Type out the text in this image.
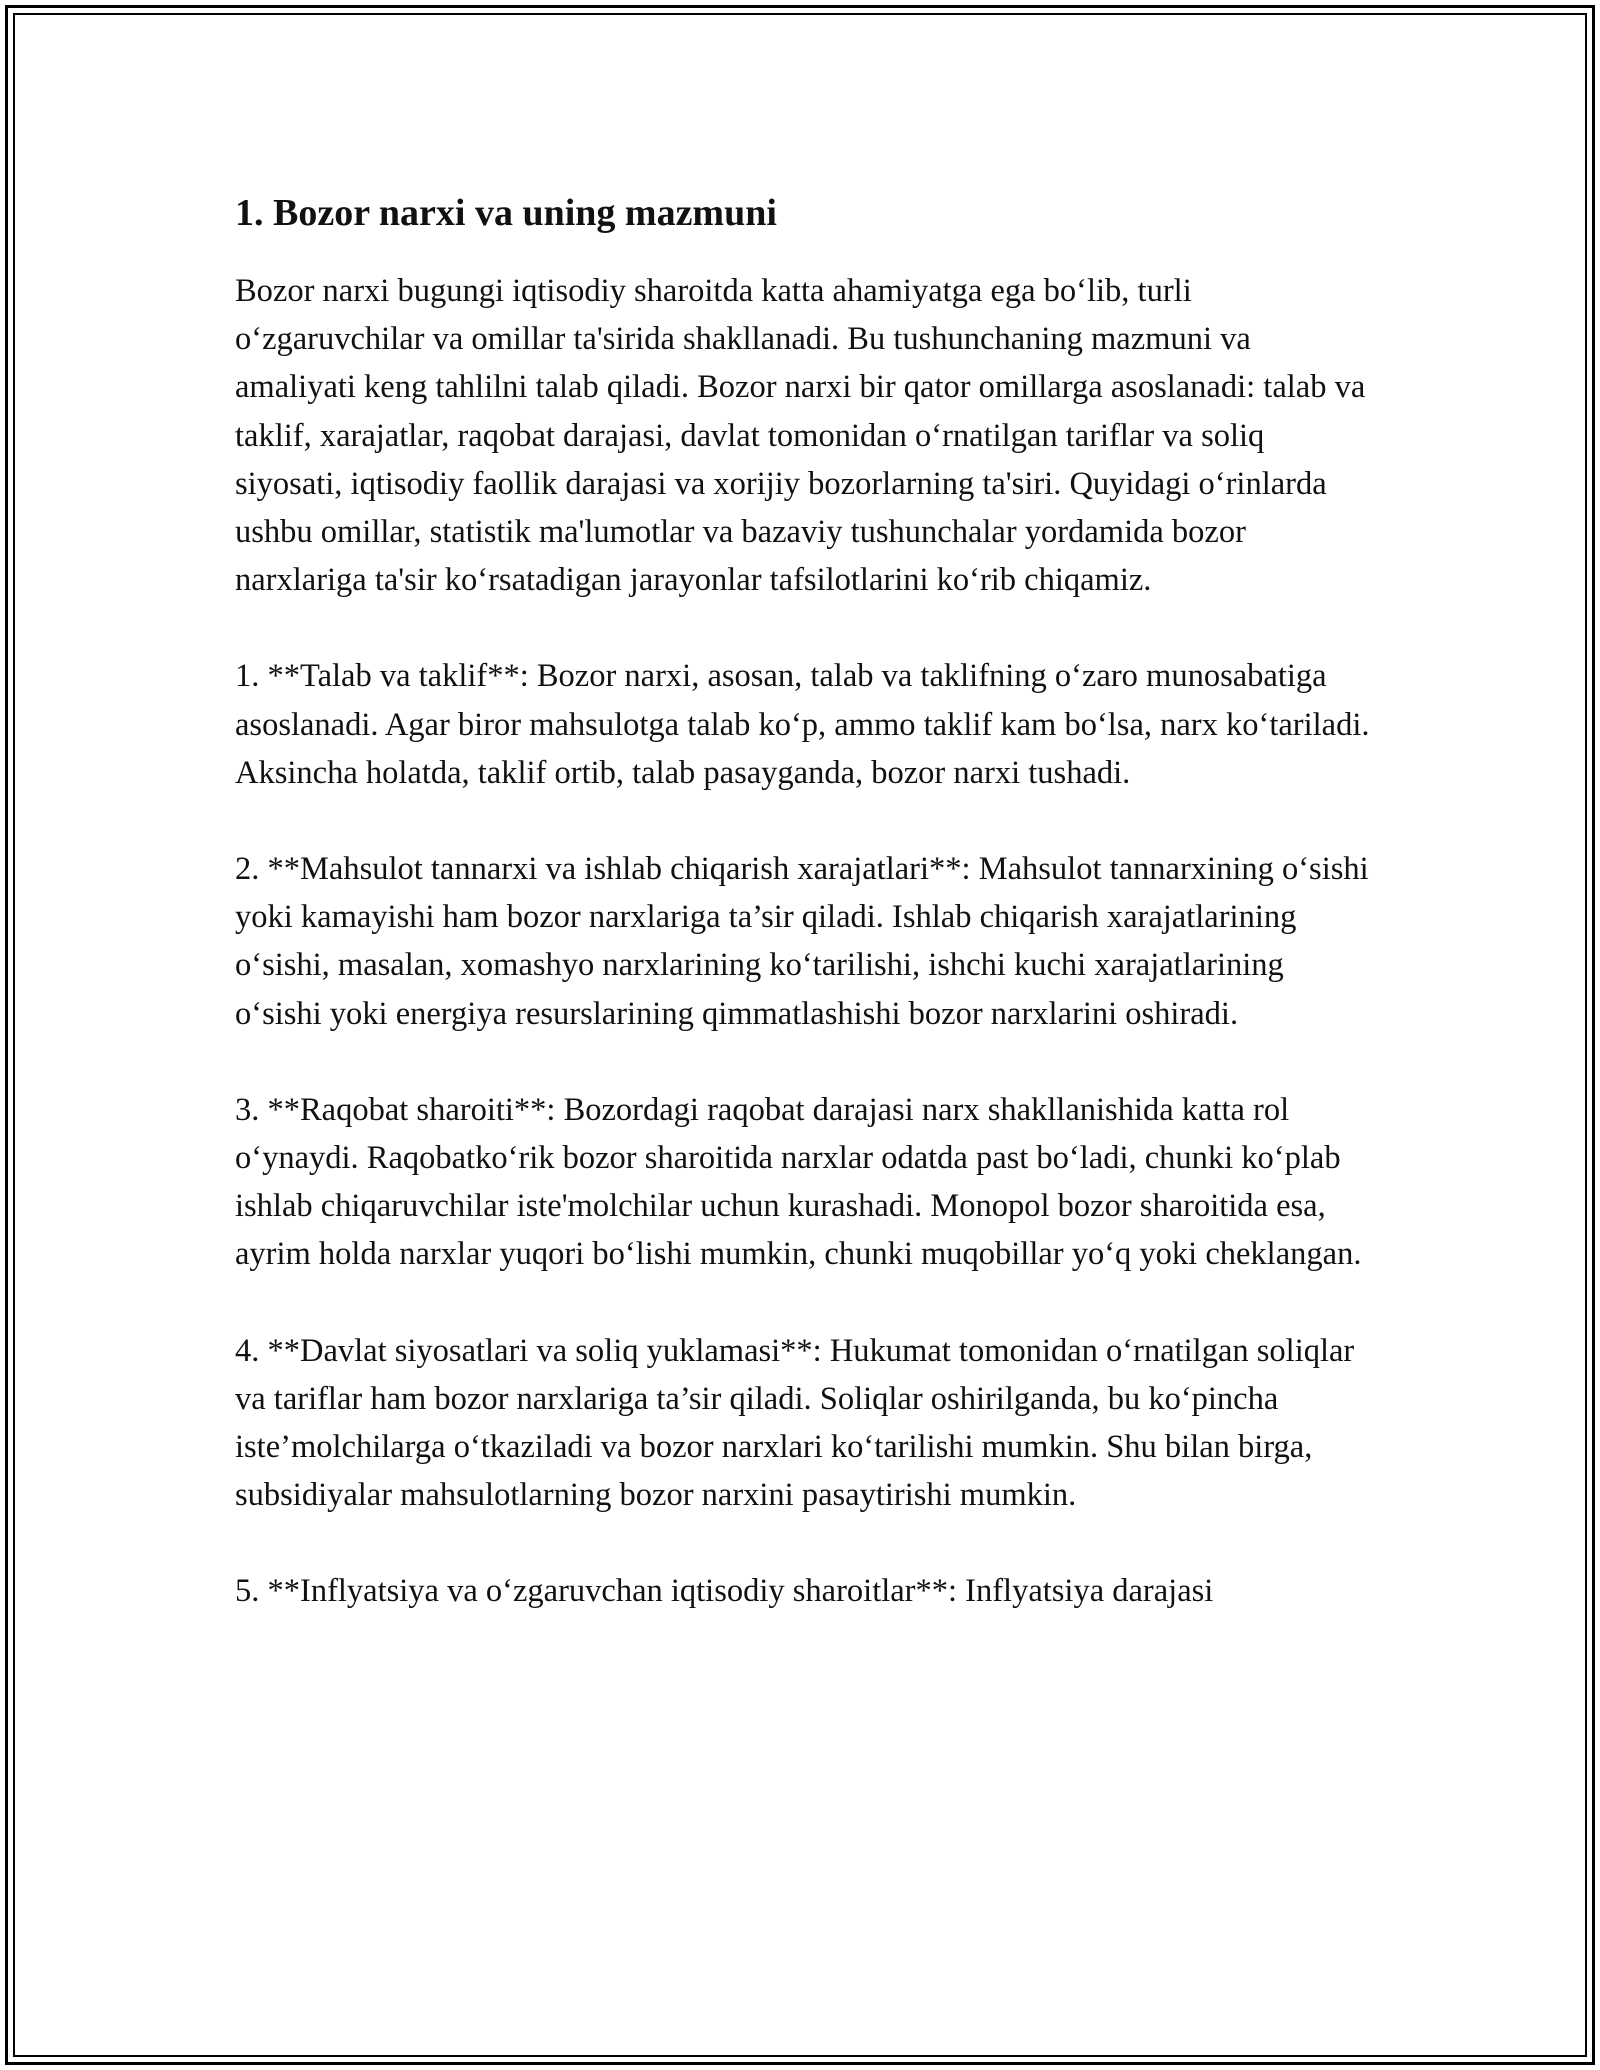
1. Bozor narxi va uning mazmuni

Bozor narxi bugungi iqtisodiy sharoitda katta ahamiyatga ega bo‘lib, turli o‘zgaruvchilar va omillar ta'sirida shakllanadi. Bu tushunchaning mazmuni va amaliyati keng tahlilni talab qiladi. Bozor narxi bir qator omillarga asoslanadi: talab va taklif, xarajatlar, raqobat darajasi, davlat tomonidan o‘rnatilgan tariflar va soliq siyosati, iqtisodiy faollik darajasi va xorijiy bozorlarning ta'siri. Quyidagi o‘rinlarda ushbu omillar, statistik ma'lumotlar va bazaviy tushunchalar yordamida bozor narxlariga ta'sir ko‘rsatadigan jarayonlar tafsilotlarini ko‘rib chiqamiz.

1. **Talab va taklif**: Bozor narxi, asosan, talab va taklifning o‘zaro munosabatiga asoslanadi. Agar biror mahsulotga talab ko‘p, ammo taklif kam bo‘lsa, narx ko‘tariladi. Aksincha holatda, taklif ortib, talab pasayganda, bozor narxi tushadi.

2. **Mahsulot tannarxi va ishlab chiqarish xarajatlari**: Mahsulot tannarxining o‘sishi yoki kamayishi ham bozor narxlariga ta’sir qiladi. Ishlab chiqarish xarajatlarining o‘sishi, masalan, xomashyo narxlarining ko‘tarilishi, ishchi kuchi xarajatlarining o‘sishi yoki energiya resurslarining qimmatlashishi bozor narxlarini oshiradi.

3. **Raqobat sharoiti**: Bozordagi raqobat darajasi narx shakllanishida katta rol o‘ynaydi. Raqobatko‘rik bozor sharoitida narxlar odatda past bo‘ladi, chunki ko‘plab ishlab chiqaruvchilar iste'molchilar uchun kurashadi. Monopol bozor sharoitida esa, ayrim holda narxlar yuqori bo‘lishi mumkin, chunki muqobillar yo‘q yoki cheklangan.

4. **Davlat siyosatlari va soliq yuklamasi**: Hukumat tomonidan o‘rnatilgan soliqlar va tariflar ham bozor narxlariga ta’sir qiladi. Soliqlar oshirilganda, bu ko‘pincha iste’molchilarga o‘tkaziladi va bozor narxlari ko‘tarilishi mumkin. Shu bilan birga, subsidiyalar mahsulotlarning bozor narxini pasaytirishi mumkin.

5. **Inflyatsiya va o‘zgaruvchan iqtisodiy sharoitlar**: Inflyatsiya darajasi
